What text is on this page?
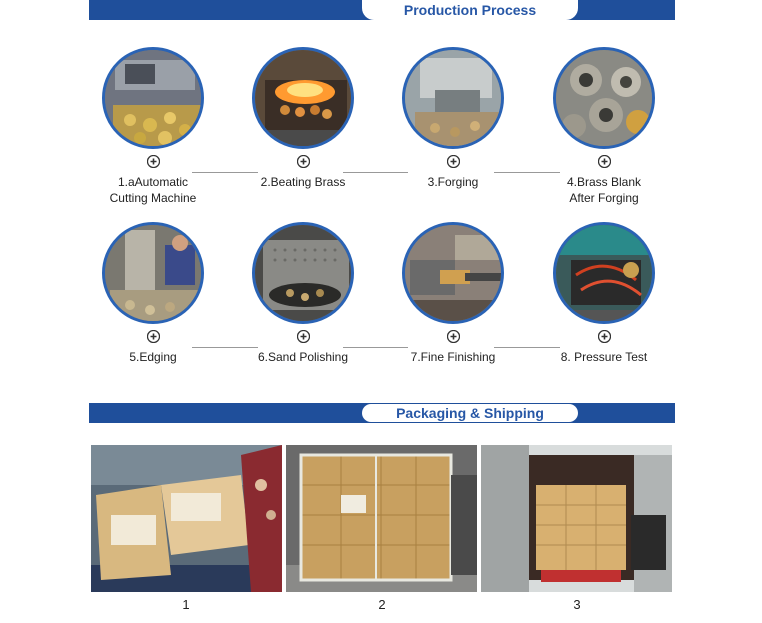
Production Process
1.aAutomatic
Cutting Machine
2.Beating Brass	3.Forging	4.Brass Blank
After Forging
5.Edging	6.Sand Polishing	7.Fine Finishing	8. Pressure Test
Packaging & Shipping
1	2	3
